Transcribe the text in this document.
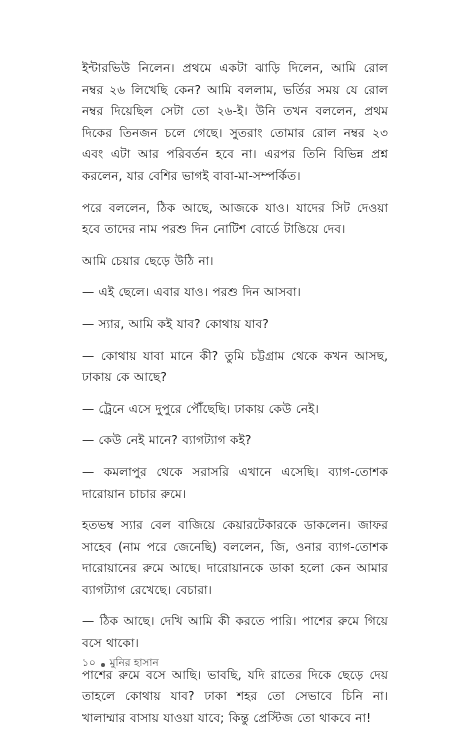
ইন্টারভিউ নিলেন। প্রথমে একটা ঝাড়ি দিলেন, আমি রোল নম্বর ২৬ লিখেছি কেন? আমি বললাম, ভর্তির সময় যে রোল নম্বর দিয়েছিল সেটা তো ২৬-ই। উনি তখন বললেন, প্রথম দিকের তিনজন চলে গেছে। সুতরাং তোমার রোল নম্বর ২৩ এবং এটা আর পরিবর্তন হবে না। এরপর তিনি বিভিন্ন প্রশ্ন করলেন, যার বেশির ভাগই বাবা-মা-সম্পর্কিত।

পরে বললেন, ঠিক আছে, আজকে যাও। যাদের সিট দেওয়া হবে তাদের নাম পরশু দিন নোটিশ বোর্ডে টাঙিয়ে দেব।

আমি চেয়ার ছেড়ে উঠি না।

— এই ছেলে। এবার যাও। পরশু দিন আসবা।

— স্যার, আমি কই যাব? কোথায় যাব?

— কোথায় যাবা মানে কী? তুমি চট্টগ্রাম থেকে কখন আসছ, ঢাকায় কে আছে?

— ট্রেনে এসে দুপুরে পৌঁছেছি। ঢাকায় কেউ নেই।

— কেউ নেই মানে? ব্যাগট্যাগ কই?

— কমলাপুর থেকে সরাসরি এখানে এসেছি। ব্যাগ-তোশক দারোয়ান চাচার রুমে।

হতভম্ব স্যার বেল বাজিয়ে কেয়ারটেকারকে ডাকলেন। জাফর সাহেব (নাম পরে জেনেছি) বললেন, জি, ওনার ব্যাগ-তোশক দারোয়ানের রুমে আছে। দারোয়ানকে ডাকা হলো কেন আমার ব্যাগট্যাগ রেখেছে। বেচারা।

— ঠিক আছে। দেখি আমি কী করতে পারি। পাশের রুমে গিয়ে বসে থাকো।

পাশের রুমে বসে আছি। ভাবছি, যদি রাতের দিকে ছেড়ে দেয় তাহলে কোথায় যাব? ঢাকা শহর তো সেভাবে চিনি না। খালাম্মার বাসায় যাওয়া যাবে; কিন্তু প্রেস্টিজ তো থাকবে না!

১০ মুনির হাসান
